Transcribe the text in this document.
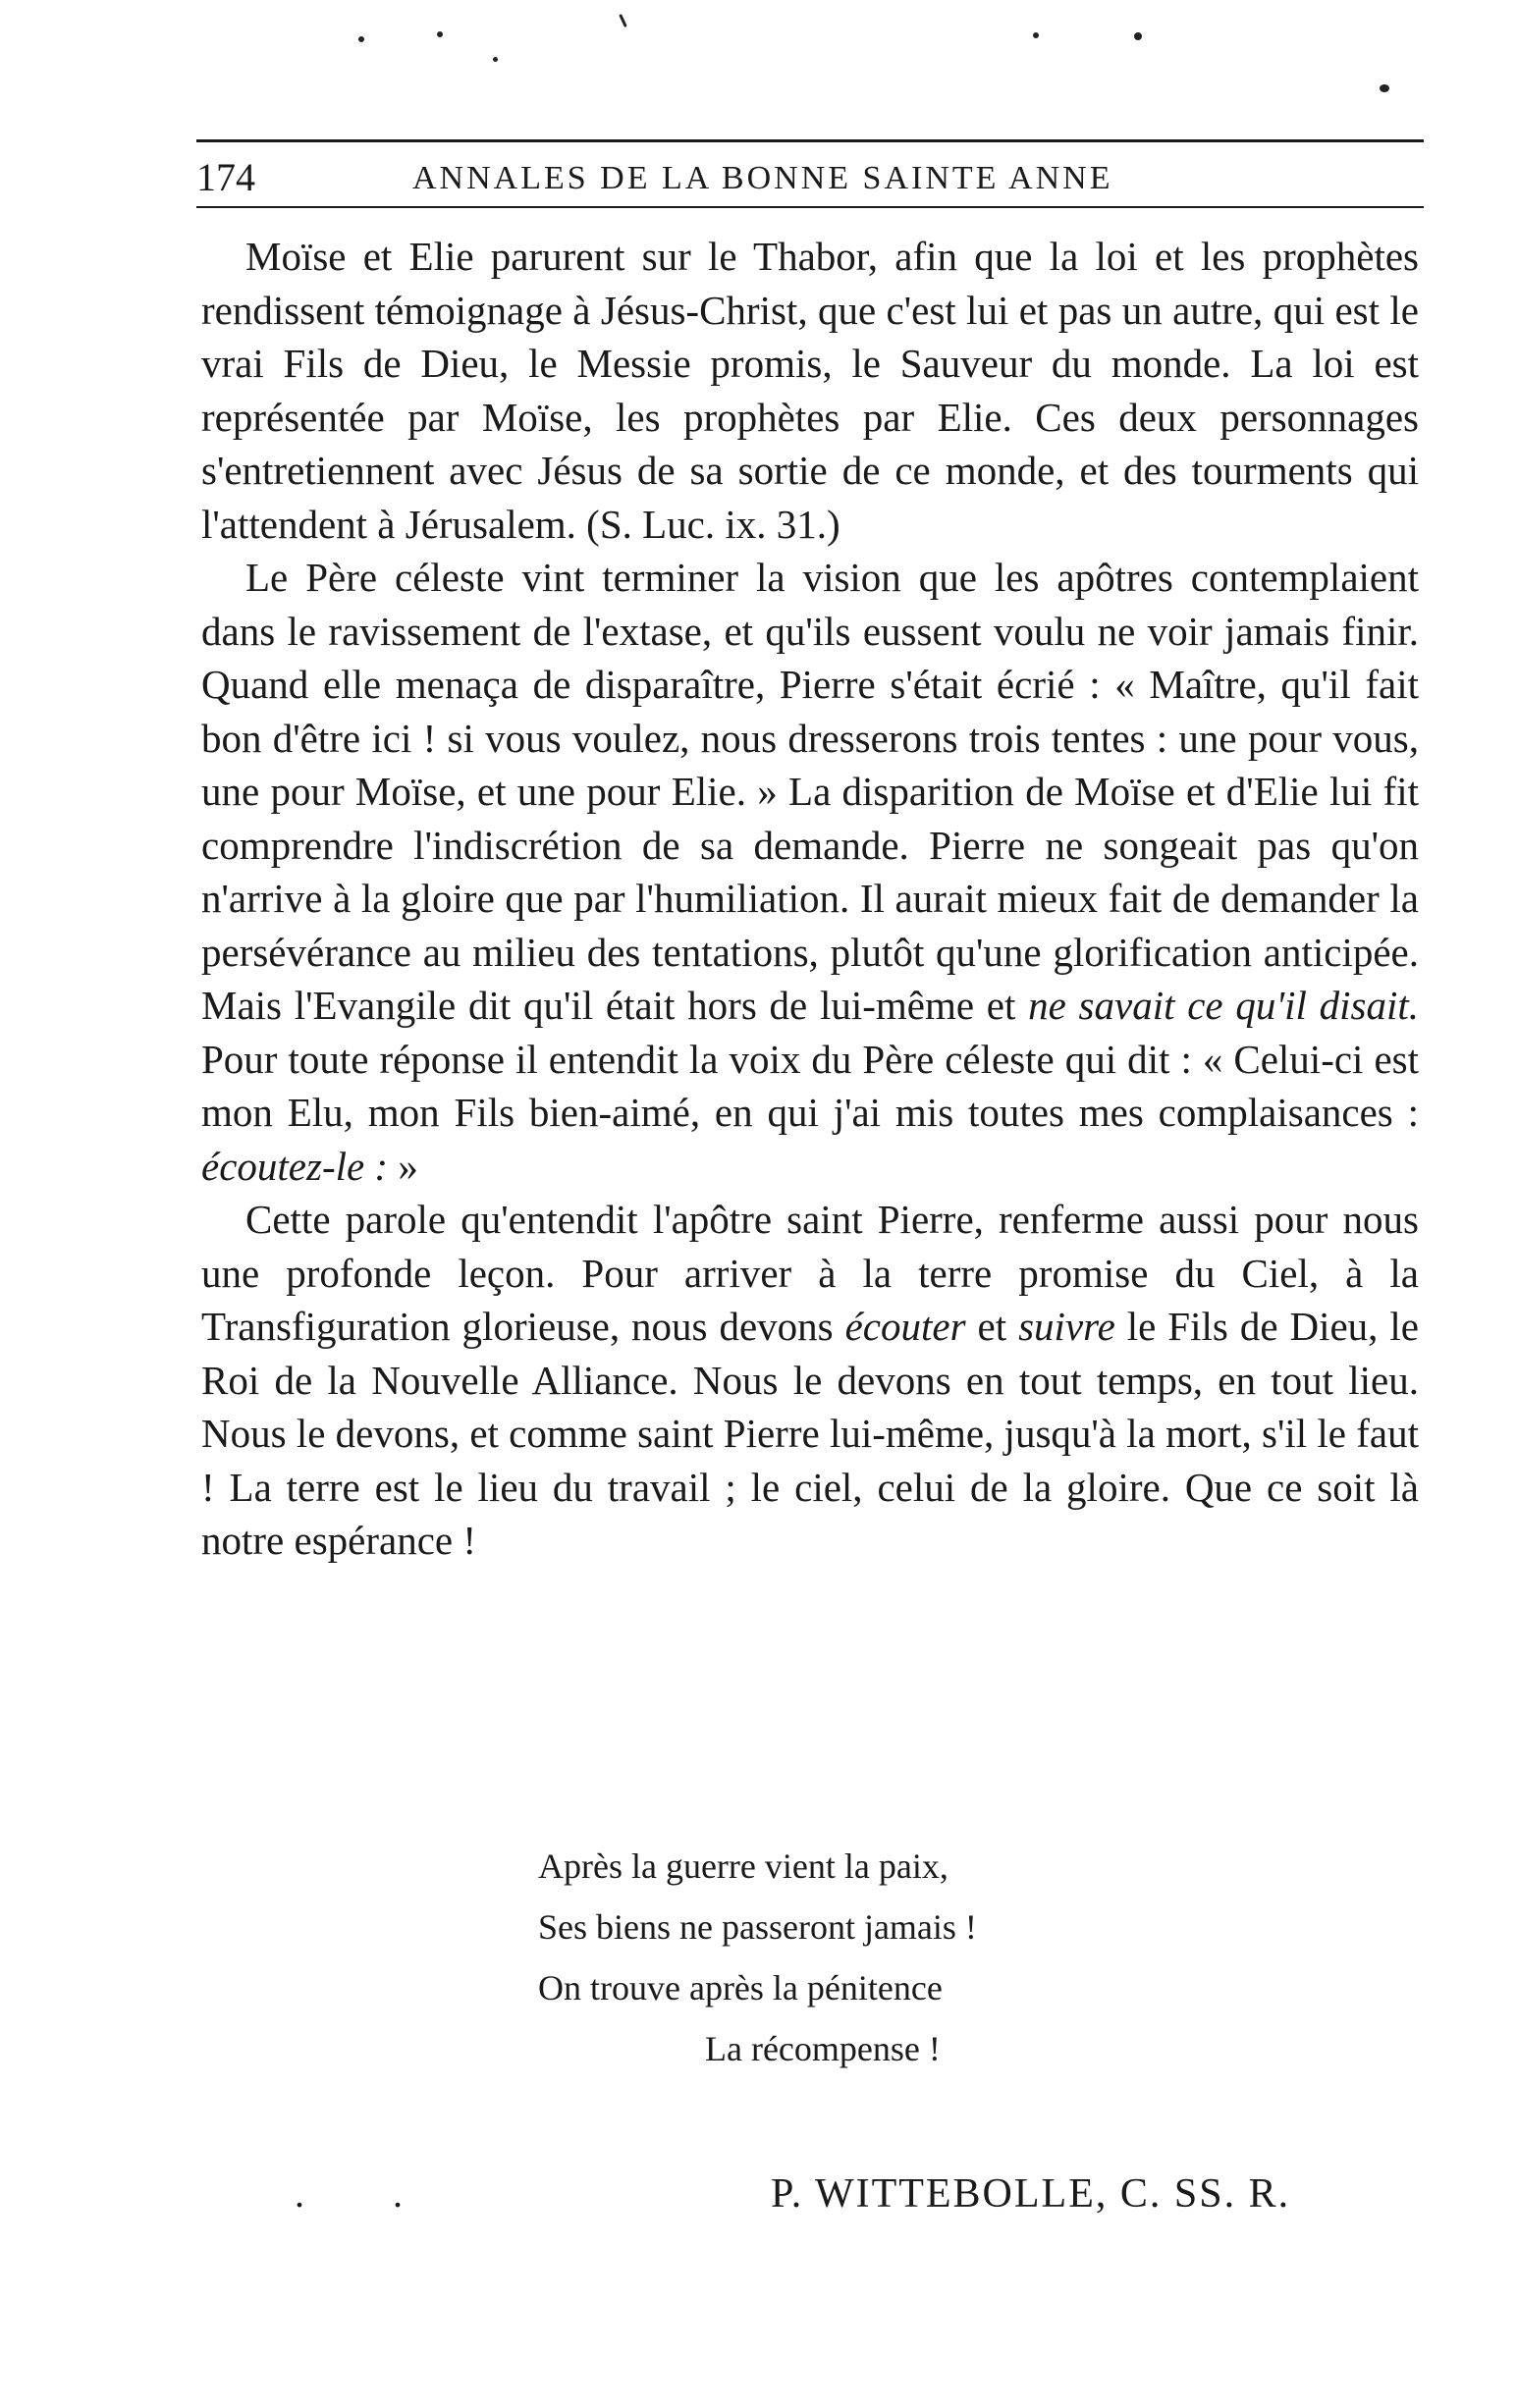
174	ANNALES DE LA BONNE SAINTE ANNE

Moïse et Elie parurent sur le Thabor, afin que la loi et les prophètes rendissent témoignage à Jésus-Christ, que c'est lui et pas un autre, qui est le vrai Fils de Dieu, le Messie promis, le Sauveur du monde. La loi est représentée par Moïse, les prophètes par Elie. Ces deux personnages s'entretiennent avec Jésus de sa sortie de ce monde, et des tourments qui l'attendent à Jérusalem. (S. Luc. ix. 31.)

Le Père céleste vint terminer la vision que les apôtres contemplaient dans le ravissement de l'extase, et qu'ils eussent voulu ne voir jamais finir. Quand elle menaça de disparaître, Pierre s'était écrié : « Maître, qu'il fait bon d'être ici ! si vous voulez, nous dresserons trois tentes : une pour vous, une pour Moïse, et une pour Elie. » La disparition de Moïse et d'Elie lui fit comprendre l'indiscrétion de sa demande. Pierre ne songeait pas qu'on n'arrive à la gloire que par l'humiliation. Il aurait mieux fait de demander la persévérance au milieu des tentations, plutôt qu'une glorification anticipée. Mais l'Evangile dit qu'il était hors de lui-même et ne savait ce qu'il disait. Pour toute réponse il entendit la voix du Père céleste qui dit : « Celui-ci est mon Elu, mon Fils bien-aimé, en qui j'ai mis toutes mes complaisances : écoutez-le : »

Cette parole qu'entendit l'apôtre saint Pierre, renferme aussi pour nous une profonde leçon. Pour arriver à la terre promise du Ciel, à la Transfiguration glorieuse, nous devons écouter et suivre le Fils de Dieu, le Roi de la Nouvelle Alliance. Nous le devons en tout temps, en tout lieu. Nous le devons, et comme saint Pierre lui-même, jusqu'à la mort, s'il le faut ! La terre est le lieu du travail ; le ciel, celui de la gloire. Que ce soit là notre espérance !

Après la guerre vient la paix,
Ses biens ne passeront jamais !
On trouve après la pénitence
La récompense !
. .	P. WITTEBOLLE, C. SS. R.
